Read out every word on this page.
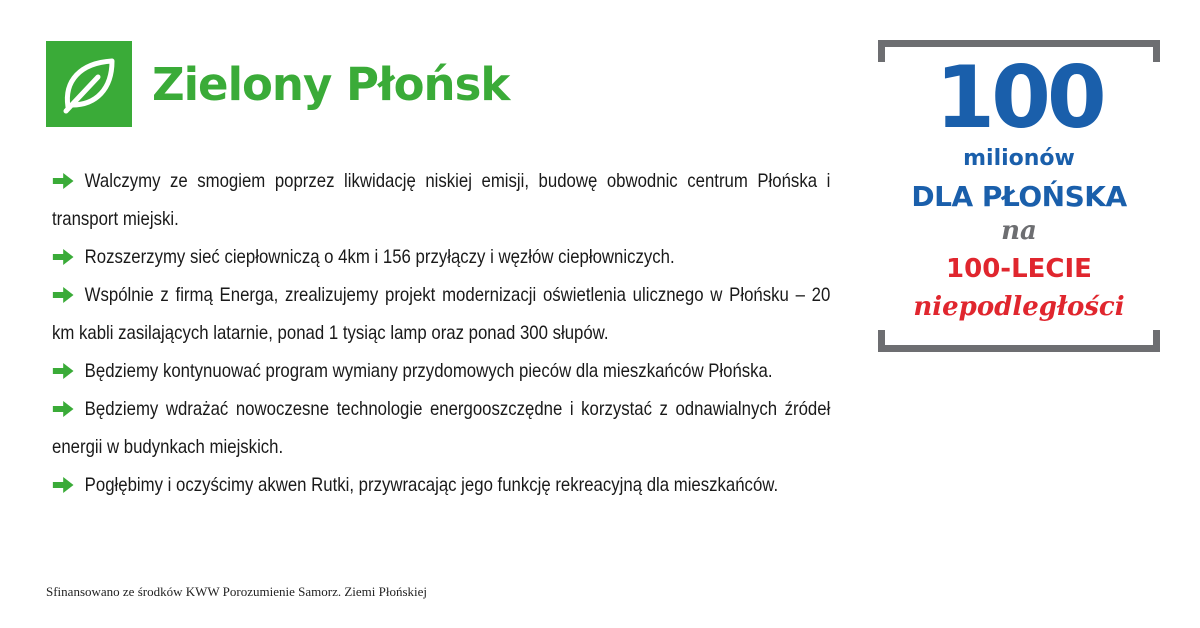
Zielony Płońsk

Walczymy ze smogiem poprzez likwidację niskiej emisji, budowę obwodnic centrum Płońska i transport miejski.

Rozszerzymy sieć ciepłowniczą o 4km i 156 przyłączy i węzłów ciepłowniczych.

Wspólnie z firmą Energa, zrealizujemy projekt modernizacji oświetlenia ulicznego w Płońsku – 20 km kabli zasilających latarnie, ponad 1 tysiąc lamp oraz ponad 300 słupów.

Będziemy kontynuować program wymiany przydomowych pieców dla mieszkańców Płońska.

Będziemy wdrażać nowoczesne technologie energooszczędne i korzystać z odnawialnych źródeł energii w budynkach miejskich.

Pogłębimy i oczyścimy akwen Rutki, przywracając jego funkcję rekreacyjną dla mieszkańców.

Sfinansowano ze środków KWW Porozumienie Samorz. Ziemi Płońskiej
100
milionów
DLA PŁOŃSKA
na
100-LECIE
niepodległości
